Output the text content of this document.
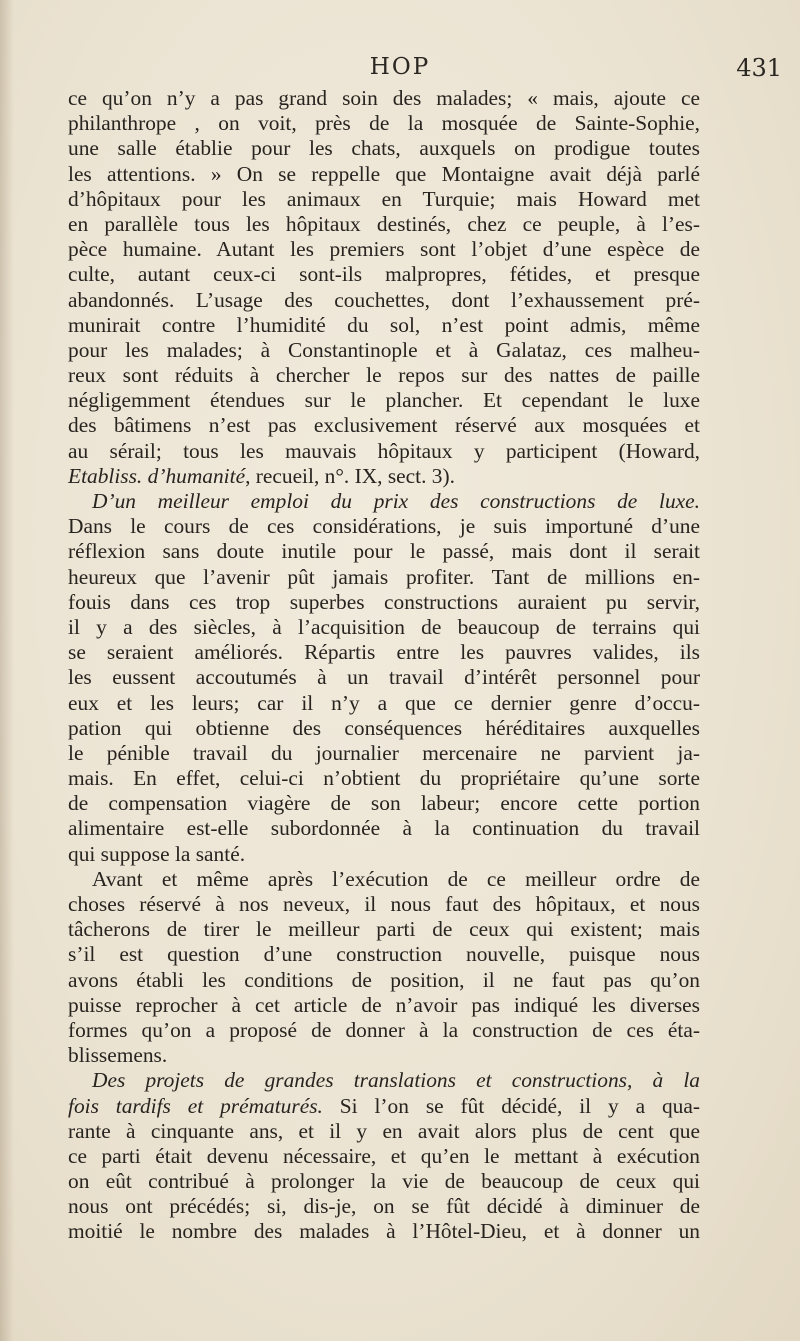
HOP	431
ce qu’on n’y a pas grand soin des malades; « mais, ajoute ce
philanthrope , on voit, près de la mosquée de Sainte-Sophie,
une salle établie pour les chats, auxquels on prodigue toutes
les attentions. » On se reppelle que Montaigne avait déjà parlé
d’hôpitaux pour les animaux en Turquie; mais Howard met
en parallèle tous les hôpitaux destinés, chez ce peuple, à l’es-
pèce humaine. Autant les premiers sont l’objet d’une espèce de
culte, autant ceux-ci sont-ils malpropres, fétides, et presque
abandonnés. L’usage des couchettes, dont l’exhaussement pré-
munirait contre l’humidité du sol, n’est point admis, même
pour les malades; à Constantinople et à Galataz, ces malheu-
reux sont réduits à chercher le repos sur des nattes de paille
négligemment étendues sur le plancher. Et cependant le luxe
des bâtimens n’est pas exclusivement réservé aux mosquées et
au sérail; tous les mauvais hôpitaux y participent (Howard,
Etabliss. d’humanité, recueil, n°. IX, sect. 3).
D’un meilleur emploi du prix des constructions de luxe.
Dans le cours de ces considérations, je suis importuné d’une
réflexion sans doute inutile pour le passé, mais dont il serait
heureux que l’avenir pût jamais profiter. Tant de millions en-
fouis dans ces trop superbes constructions auraient pu servir,
il y a des siècles, à l’acquisition de beaucoup de terrains qui
se seraient améliorés. Répartis entre les pauvres valides, ils
les eussent accoutumés à un travail d’intérêt personnel pour
eux et les leurs; car il n’y a que ce dernier genre d’occu-
pation qui obtienne des conséquences héréditaires auxquelles
le pénible travail du journalier mercenaire ne parvient ja-
mais. En effet, celui-ci n’obtient du propriétaire qu’une sorte
de compensation viagère de son labeur; encore cette portion
alimentaire est-elle subordonnée à la continuation du travail
qui suppose la santé.
Avant et même après l’exécution de ce meilleur ordre de
choses réservé à nos neveux, il nous faut des hôpitaux, et nous
tâcherons de tirer le meilleur parti de ceux qui existent; mais
s’il est question d’une construction nouvelle, puisque nous
avons établi les conditions de position, il ne faut pas qu’on
puisse reprocher à cet article de n’avoir pas indiqué les diverses
formes qu’on a proposé de donner à la construction de ces éta-
blissemens.
Des projets de grandes translations et constructions, à la
fois tardifs et prématurés. Si l’on se fût décidé, il y a qua-
rante à cinquante ans, et il y en avait alors plus de cent que
ce parti était devenu nécessaire, et qu’en le mettant à exécution
on eût contribué à prolonger la vie de beaucoup de ceux qui
nous ont précédés; si, dis-je, on se fût décidé à diminuer de
moitié le nombre des malades à l’Hôtel-Dieu, et à donner un
